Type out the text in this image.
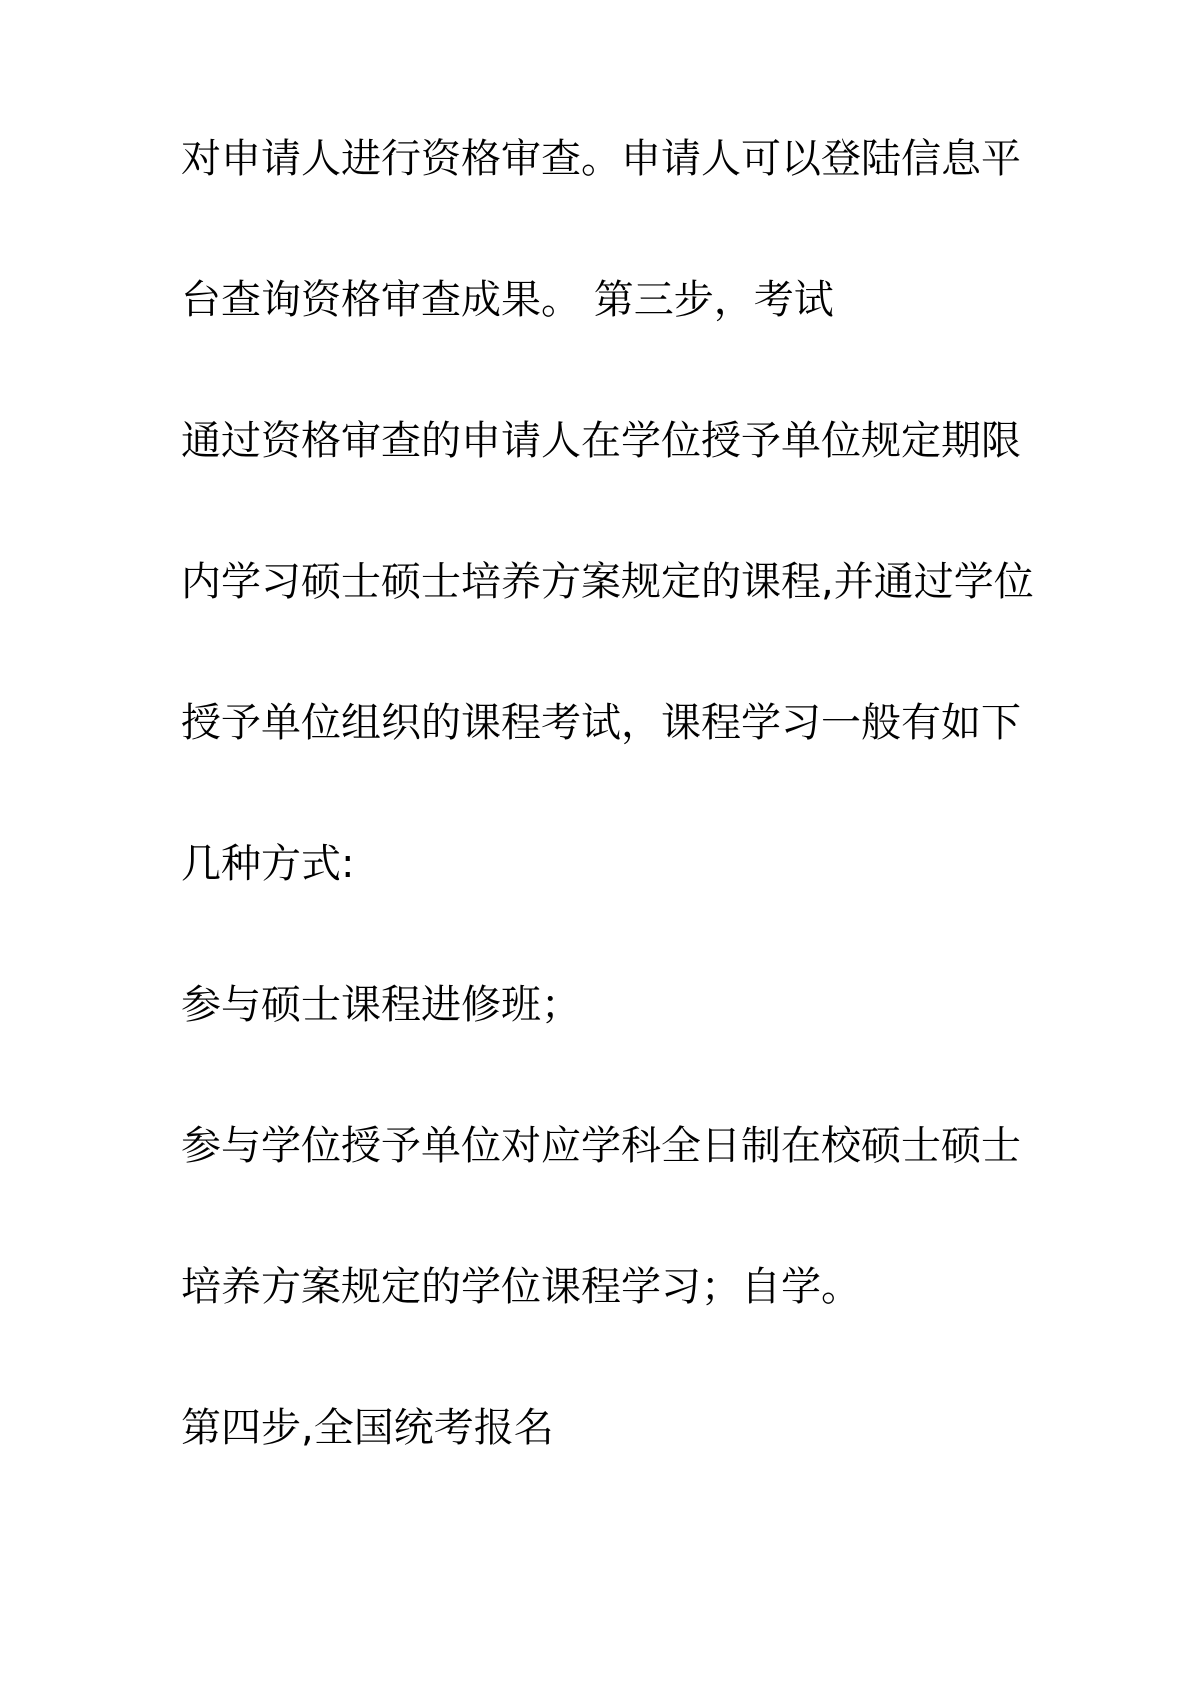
对申请人进行资格审查。申请人可以登陆信息平
台查询资格审查成果。 第三步，考试
通过资格审查的申请人在学位授予单位规定期限
内学习硕士硕士培养方案规定的课程,并通过学位
授予单位组织的课程考试，课程学习一般有如下
几种方式:
参与硕士课程进修班；
参与学位授予单位对应学科全日制在校硕士硕士
培养方案规定的学位课程学习；自学。
第四步,全国统考报名
